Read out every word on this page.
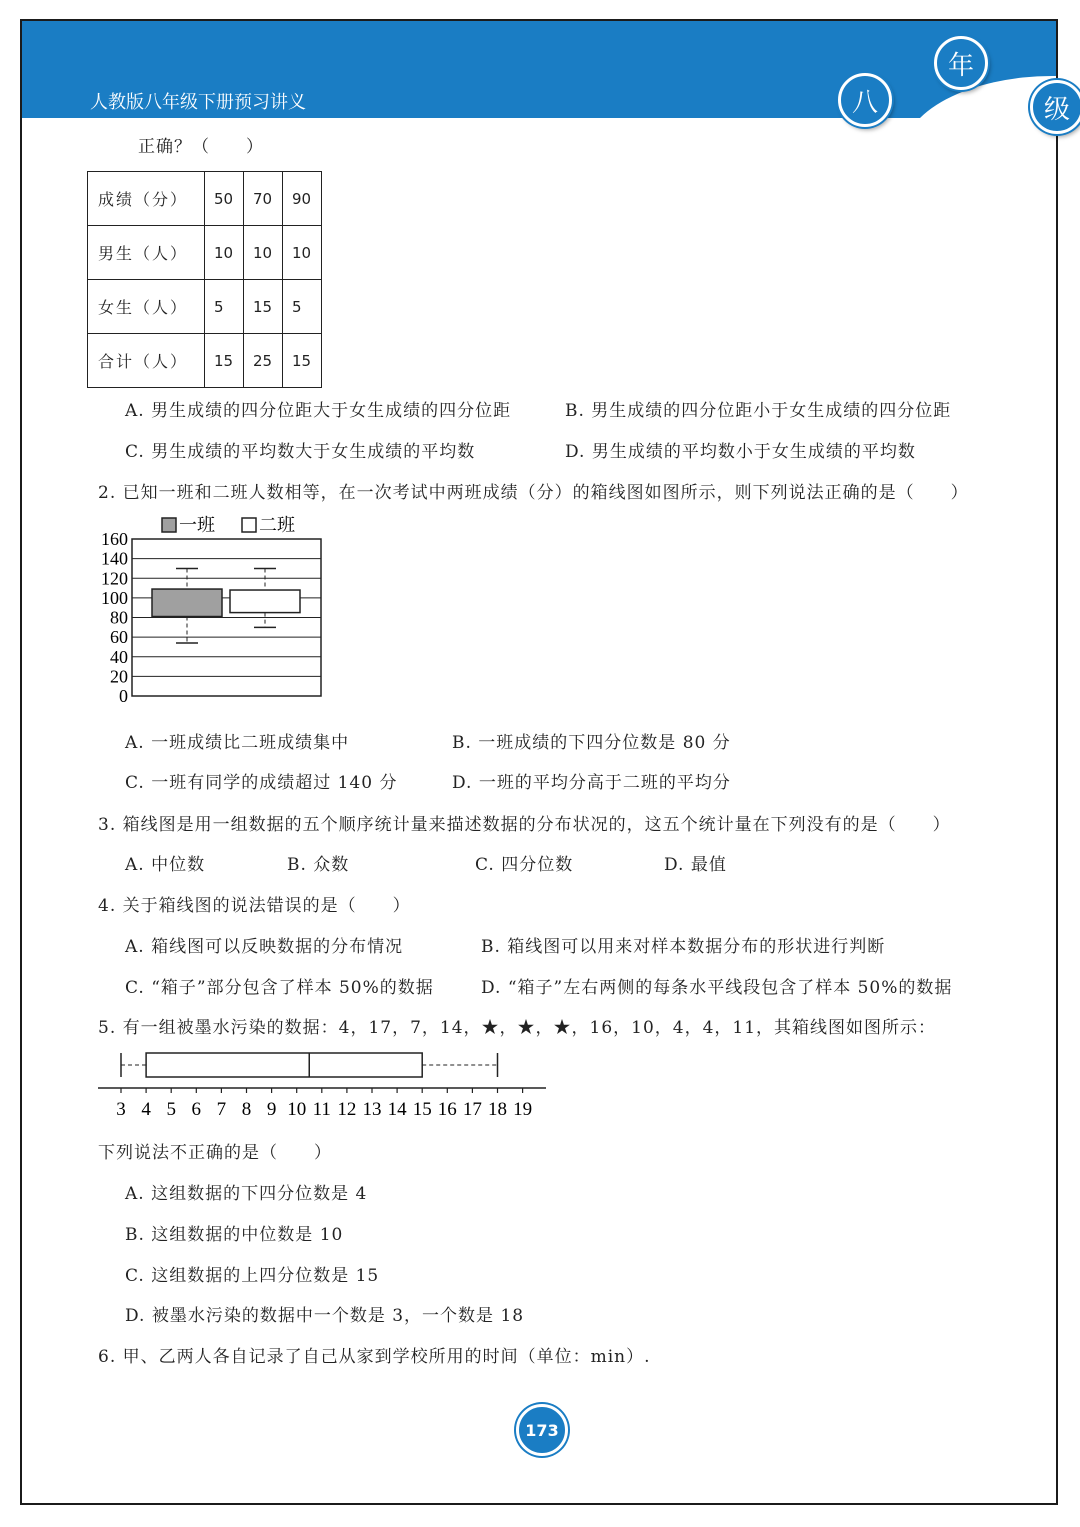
人教版八年级下册预习讲义	八
年
级
正确？（　　）
成绩（分）	50	70	90
男生（人）	10	10	10
女生（人）	5	15	5
合计（人）	15	25	15
A. 男生成绩的四分位距大于女生成绩的四分位距	B. 男生成绩的四分位距小于女生成绩的四分位距
C. 男生成绩的平均数大于女生成绩的平均数	D. 男生成绩的平均数小于女生成绩的平均数
2. 已知一班和二班人数相等，在一次考试中两班成绩（分）的箱线图如图所示，则下列说法正确的是（　　）
一班 二班
0
20
40
60
80
100
120
140
160
A. 一班成绩比二班成绩集中	B. 一班成绩的下四分位数是 80 分
C. 一班有同学的成绩超过 140 分	D. 一班的平均分高于二班的平均分
3. 箱线图是用一组数据的五个顺序统计量来描述数据的分布状况的，这五个统计量在下列没有的是（　　）
A. 中位数	B. 众数	C. 四分位数	D. 最值
4. 关于箱线图的说法错误的是（　　）
A. 箱线图可以反映数据的分布情况	B. 箱线图可以用来对样本数据分布的形状进行判断
C. “箱子”部分包含了样本 50%的数据	D. “箱子”左右两侧的每条水平线段包含了样本 50%的数据
5. 有一组被墨水污染的数据：4，17，7，14，★，★，★，16，10，4，4，11，其箱线图如图所示：
3 4 5 6 7 8 9 10 11 12 13 14 15 16 17 18 19
下列说法不正确的是（　　）
A. 这组数据的下四分位数是 4
B. 这组数据的中位数是 10
C. 这组数据的上四分位数是 15
D. 被墨水污染的数据中一个数是 3，一个数是 18
6. 甲、乙两人各自记录了自己从家到学校所用的时间（单位：min）.
173
